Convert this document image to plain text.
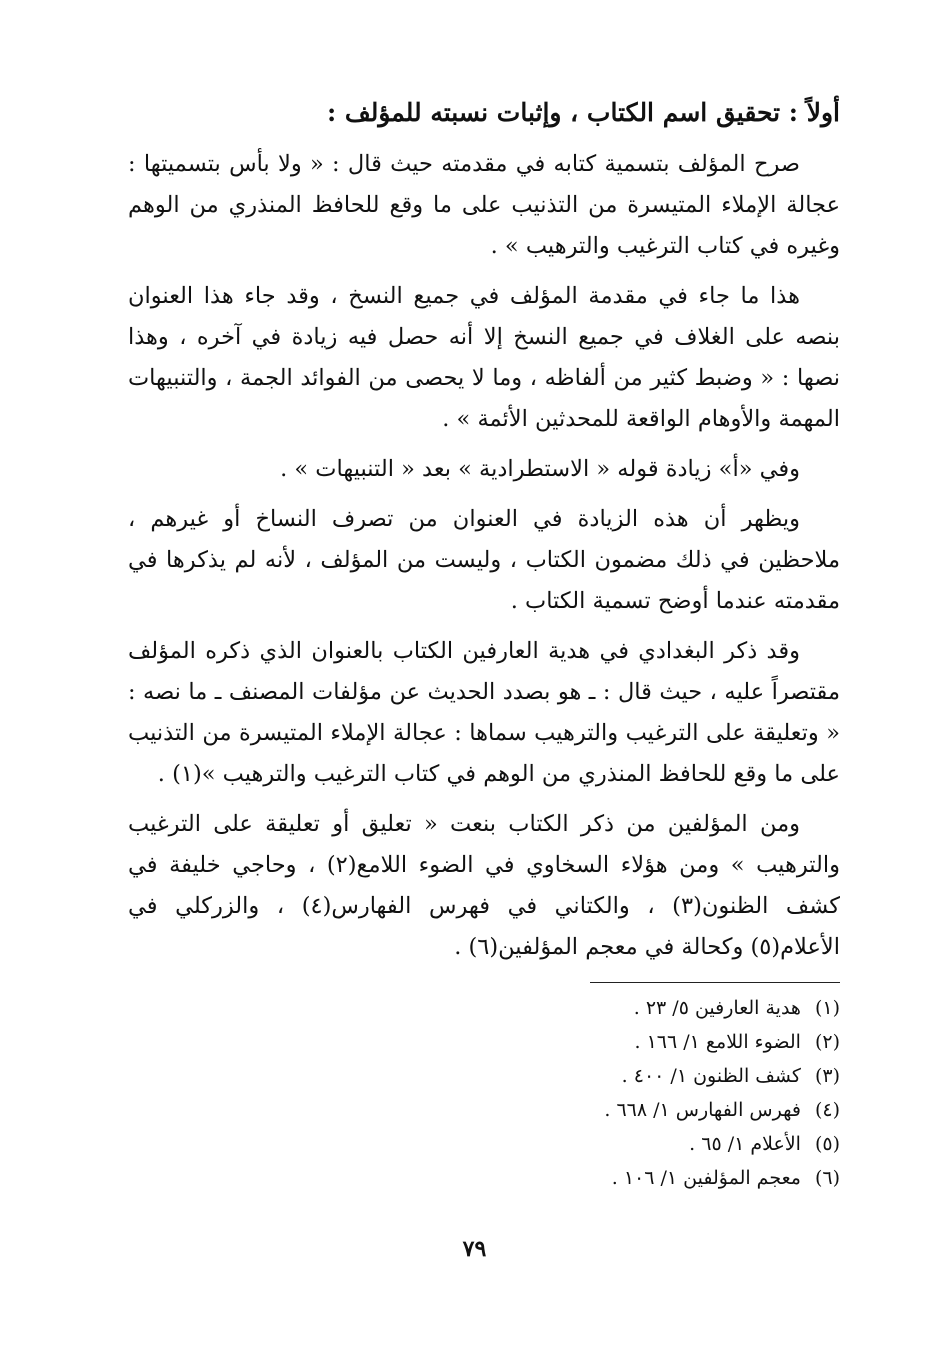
أولاً : تحقيق اسم الكتاب ، وإثبات نسبته للمؤلف :

صرح المؤلف بتسمية كتابه في مقدمته حيث قال : « ولا بأس بتسميتها : عجالة الإملاء المتيسرة من التذنيب على ما وقع للحافظ المنذري من الوهم وغيره في كتاب الترغيب والترهيب » .

هذا ما جاء في مقدمة المؤلف في جميع النسخ ، وقد جاء هذا العنوان بنصه على الغلاف في جميع النسخ إلا أنه حصل فيه زيادة في آخره ، وهذا نصها : « وضبط كثير من ألفاظه ، وما لا يحصى من الفوائد الجمة ، والتنبيهات المهمة والأوهام الواقعة للمحدثين الأئمة » .

وفي «أ» زيادة قوله « الاستطرادية » بعد « التنبيهات » .

ويظهر أن هذه الزيادة في العنوان من تصرف النساخ أو غيرهم ، ملاحظين في ذلك مضمون الكتاب ، وليست من المؤلف ، لأنه لم يذكرها في مقدمته عندما أوضح تسمية الكتاب .

وقد ذكر البغدادي في هدية العارفين الكتاب بالعنوان الذي ذكره المؤلف مقتصراً عليه ، حيث قال : ـ هو بصدد الحديث عن مؤلفات المصنف ـ ما نصه : « وتعليقة على الترغيب والترهيب سماها : عجالة الإملاء المتيسرة من التذنيب على ما وقع للحافظ المنذري من الوهم في كتاب الترغيب والترهيب »(١) .

ومن المؤلفين من ذكر الكتاب بنعت « تعليق أو تعليقة على الترغيب والترهيب » ومن هؤلاء السخاوي في الضوء اللامع(٢) ، وحاجي خليفة في كشف الظنون(٣) ، والكتاني في فهرس الفهارس(٤) ، والزركلي في الأعلام(٥) وكحالة في معجم المؤلفين(٦) .

(١)هدية العارفين ٥/ ٢٣ .
(٢)الضوء اللامع ١/ ١٦٦ .
(٣)كشف الظنون ١/ ٤٠٠ .
(٤)فهرس الفهارس ١/ ٦٦٨ .
(٥)الأعلام ١/ ٦٥ .
(٦)معجم المؤلفين ١/ ١٠٦ .
٧٩
